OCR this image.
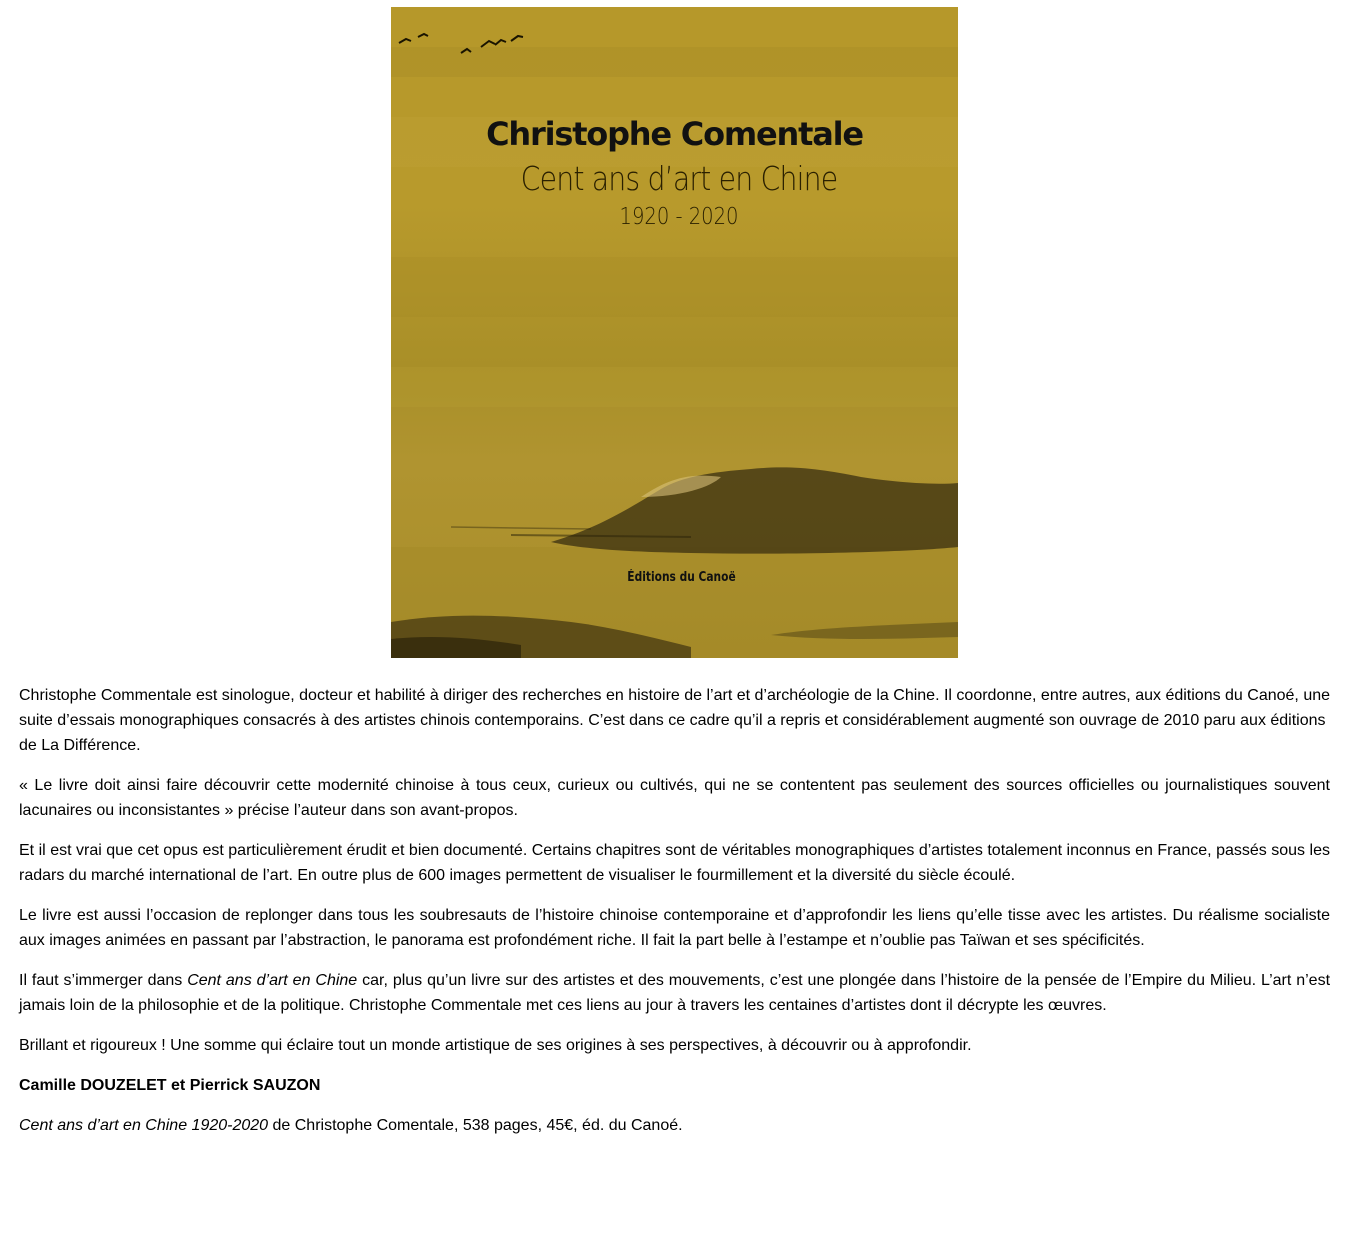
Christophe Comentale
Cent ans d’art en Chine
1920 - 2020
Éditions du Canoë

Christophe Commentale est sinologue, docteur et habilité à diriger des recherches en histoire de l’art et d’archéologie de la Chine. Il coordonne, entre autres, aux éditions du Canoé, une suite d’essais monographiques consacrés à des artistes chinois contemporains. C’est dans ce cadre qu’il a repris et considérablement augmenté son ouvrage de 2010 paru aux éditions de La Différence.

« Le livre doit ainsi faire découvrir cette modernité chinoise à tous ceux, curieux ou cultivés, qui ne se contentent pas seulement des sources officielles ou journalistiques souvent lacunaires ou inconsistantes » précise l’auteur dans son avant-propos.

Et il est vrai que cet opus est particulièrement érudit et bien documenté. Certains chapitres sont de véritables monographiques d’artistes totalement inconnus en France, passés sous les radars du marché international de l’art. En outre plus de 600 images permettent de visualiser le fourmillement et la diversité du siècle écoulé.

Le livre est aussi l’occasion de replonger dans tous les soubresauts de l’histoire chinoise contemporaine et d’approfondir les liens qu’elle tisse avec les artistes. Du réalisme socialiste aux images animées en passant par l’abstraction, le panorama est profondément riche. Il fait la part belle à l’estampe et n’oublie pas Taïwan et ses spécificités.

Il faut s’immerger dans Cent ans d’art en Chine car, plus qu’un livre sur des artistes et des mouvements, c’est une plongée dans l’histoire de la pensée de l’Empire du Milieu. L’art n’est jamais loin de la philosophie et de la politique. Christophe Commentale met ces liens au jour à travers les centaines d’artistes dont il décrypte les œuvres.

Brillant et rigoureux ! Une somme qui éclaire tout un monde artistique de ses origines à ses perspectives, à découvrir ou à approfondir.

Camille DOUZELET et Pierrick SAUZON

Cent ans d’art en Chine 1920-2020 de Christophe Comentale, 538 pages, 45€, éd. du Canoé.
